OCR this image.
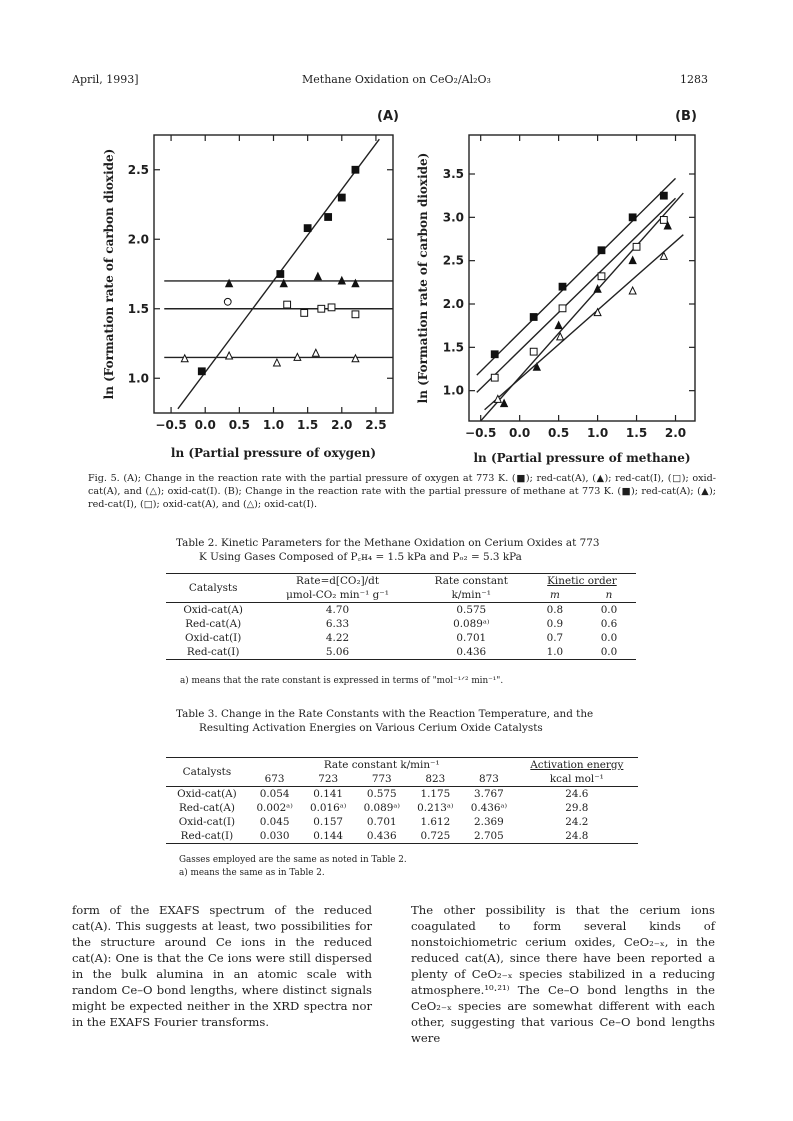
April, 1993]	Methane Oxidation on CeO₂/Al₂O₃	1283
(A)
−0.5 0.0 0.5 1.0 1.5 2.0 2.5
1.0
1.5
2.0
2.5
ln (Partial pressure of oxygen)
ln (Formation rate of carbon dioxide)
(B)
−0.5 0.0 0.5 1.0 1.5 2.0
1.0
1.5
2.0
2.5
3.0
3.5
ln (Partial pressure of methane)
ln (Formation rate of carbon dioxide)
Fig. 5. (A); Change in the reaction rate with the partial pressure of oxygen at 773 K. (■); red-cat(A), (▲); red-cat(I), (□); oxid-cat(A), and (△); oxid-cat(I). (B); Change in the reaction rate with the partial pressure of methane at 773 K. (■); red-cat(A); (▲); red-cat(I), (□); oxid-cat(A), and (△); oxid-cat(I).
Table 2. Kinetic Parameters for the Methane Oxidation on Cerium Oxides at 773
K Using Gases Composed of P꜀ʜ₄ = 1.5 kPa and Pₒ₂ = 5.3 kPa
Catalysts	Rate=d[CO₂]/dt	Rate constant	Kinetic order	
	μmol-CO₂ min⁻¹ g⁻¹	k/min⁻¹	m	n
Oxid-cat(A)	4.70	0.575	0.8	0.0
Red-cat(A)	6.33	0.089ᵃ⁾	0.9	0.6
Oxid-cat(I)	4.22	0.701	0.7	0.0
Red-cat(I)	5.06	0.436	1.0	0.0
a) means that the rate constant is expressed in terms of "mol⁻¹ᐟ² min⁻¹".
Table 3. Change in the Rate Constants with the Reaction Temperature, and the
Resulting Activation Energies on Various Cerium Oxide Catalysts
Catalysts	Rate constant k/min⁻¹					Activation energy
	673	723	773	823	873	kcal mol⁻¹
Oxid-cat(A)	0.054	0.141	0.575	1.175	3.767	24.6
Red-cat(A)	0.002ᵃ⁾	0.016ᵃ⁾	0.089ᵃ⁾	0.213ᵃ⁾	0.436ᵃ⁾	29.8
Oxid-cat(I)	0.045	0.157	0.701	1.612	2.369	24.2
Red-cat(I)	0.030	0.144	0.436	0.725	2.705	24.8
Gasses employed are the same as noted in Table 2.
a) means the same as in Table 2.
form of the EXAFS spectrum of the reduced cat(A). This suggests at least, two possibilities for the structure around Ce ions in the reduced cat(A): One is that the Ce ions were still dispersed in the bulk alumina in an atomic scale with random Ce–O bond lengths, where distinct signals might be expected neither in the XRD spectra nor in the EXAFS Fourier transforms.
The other possibility is that the cerium ions coagulated to form several kinds of nonstoichiometric cerium oxides, CeO₂₋ₓ, in the reduced cat(A), since there have been reported a plenty of CeO₂₋ₓ species stabilized in a reducing atmosphere.¹⁰·²¹⁾ The Ce–O bond lengths in the CeO₂₋ₓ species are somewhat different with each other, suggesting that various Ce–O bond lengths were
